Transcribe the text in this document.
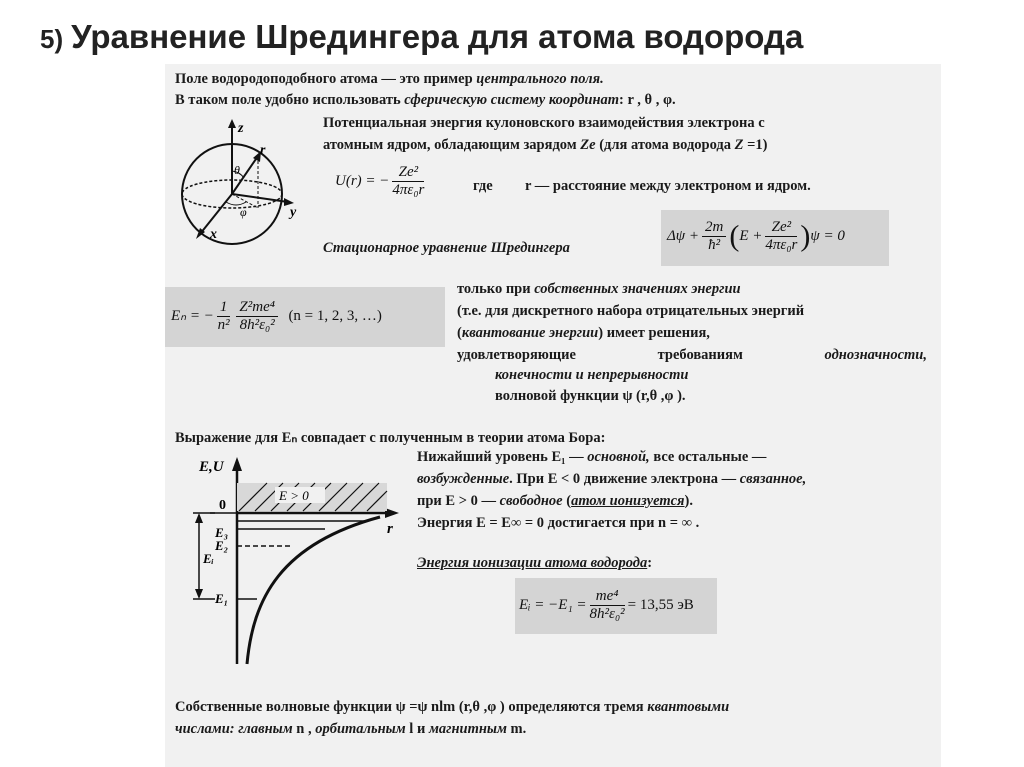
5) Уравнение Шредингера для атома водорода
Поле водородоподобного атома — это пример центрального поля.
В таком поле удобно использовать сферическую систему координат: r , θ , φ.
z
y
x
r
θ
φ
Потенциальная энергия кулоновского взаимодействия электрона с
атомным ядром, обладающим зарядом Ze (для атома водорода Z =1)
U(r) = − $\frac{\text{Ze²}}{\text{4πε₀r}}$	где r — расстояние между электроном и ядром.
$\Delta\psi + \frac{2m}{\text{ħ²}} (E + \frac{\text{Ze²}}{\text{4πε₀r}} )\psi = 0$
Стационарное уравнение Шредингера
Eₙ = − $\frac{1}{\text{n²}} \frac{\text{Z²me⁴}}{\text{8h²ε₀²}} (n = 1$, 2, 3, …)
только при собственных значениях энергии
(т.е. для дискретного набора отрицательных энергий
(квантование энергии) имеет решения,
удовлетворяющие	требованиям	однозначности,
конечности и непрерывности
волновой функции ψ (r,θ ,φ ).
Выражение для Eₙ совпадает с полученным в теории атома Бора:
E,U
0
r
E > 0
E₃
E₂
E₁
Eᵢ
Нижайший уровень E₁ — основной, все остальные —
возбужденные. При E < 0 движение электрона — связанное,
при E > 0 — свободное (атом ионизуется).
Энергия E = E∞ = 0 достигается при n = ∞ .
Энергия ионизации атома водорода:
Eᵢ = $-E_1 = \frac{\text{me⁴}}{\text{8h²ε₀²}} = 13,55$ эВ
Собственные волновые функции ψ =ψ nlm (r,θ ,φ ) определяются тремя квантовыми
числами: главным n , орбитальным l и магнитным m.
